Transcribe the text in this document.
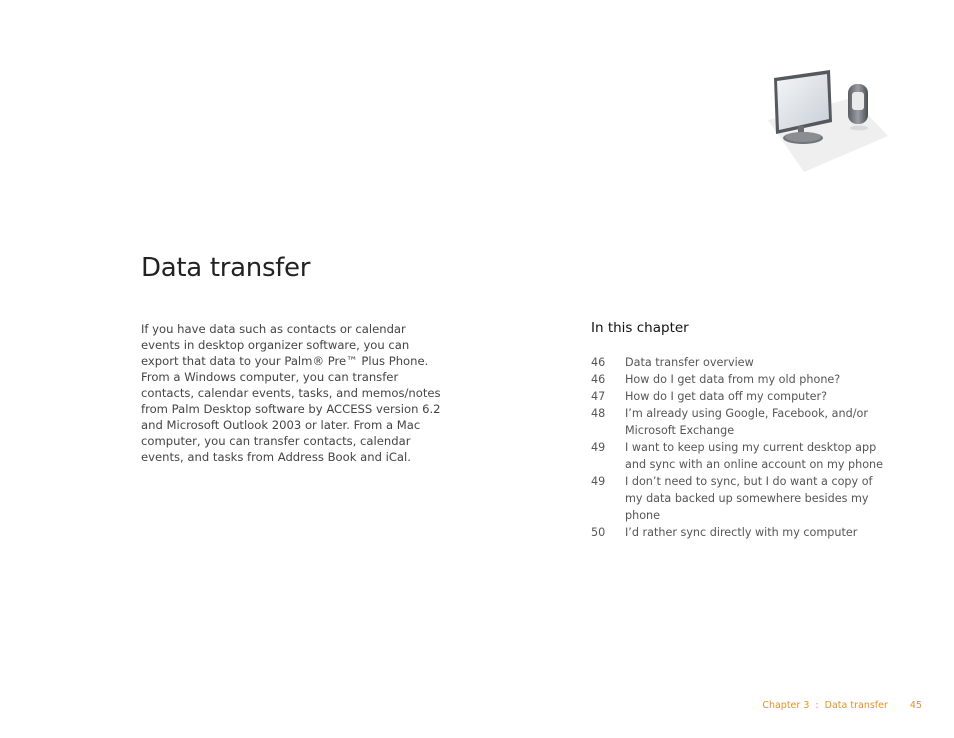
Data transfer

If you have data such as contacts or calendar events in desktop organizer software, you can export that data to your Palm® Pre™ Plus Phone. From a Windows computer, you can transfer contacts, calendar events, tasks, and memos/notes from Palm Desktop software by ACCESS version 6.2 and Microsoft Outlook 2003 or later. From a Mac computer, you can transfer contacts, calendar events, and tasks from Address Book and iCal.

In this chapter
46	Data transfer overview
46	How do I get data from my old phone?
47	How do I get data off my computer?
48	I’m already using Google, Facebook, and/or Microsoft Exchange
49	I want to keep using my current desktop app and sync with an online account on my phone
49	I don’t need to sync, but I do want a copy of my data backed up somewhere besides my phone
50	I’d rather sync directly with my computer
Chapter 3 : Data transfer 45
